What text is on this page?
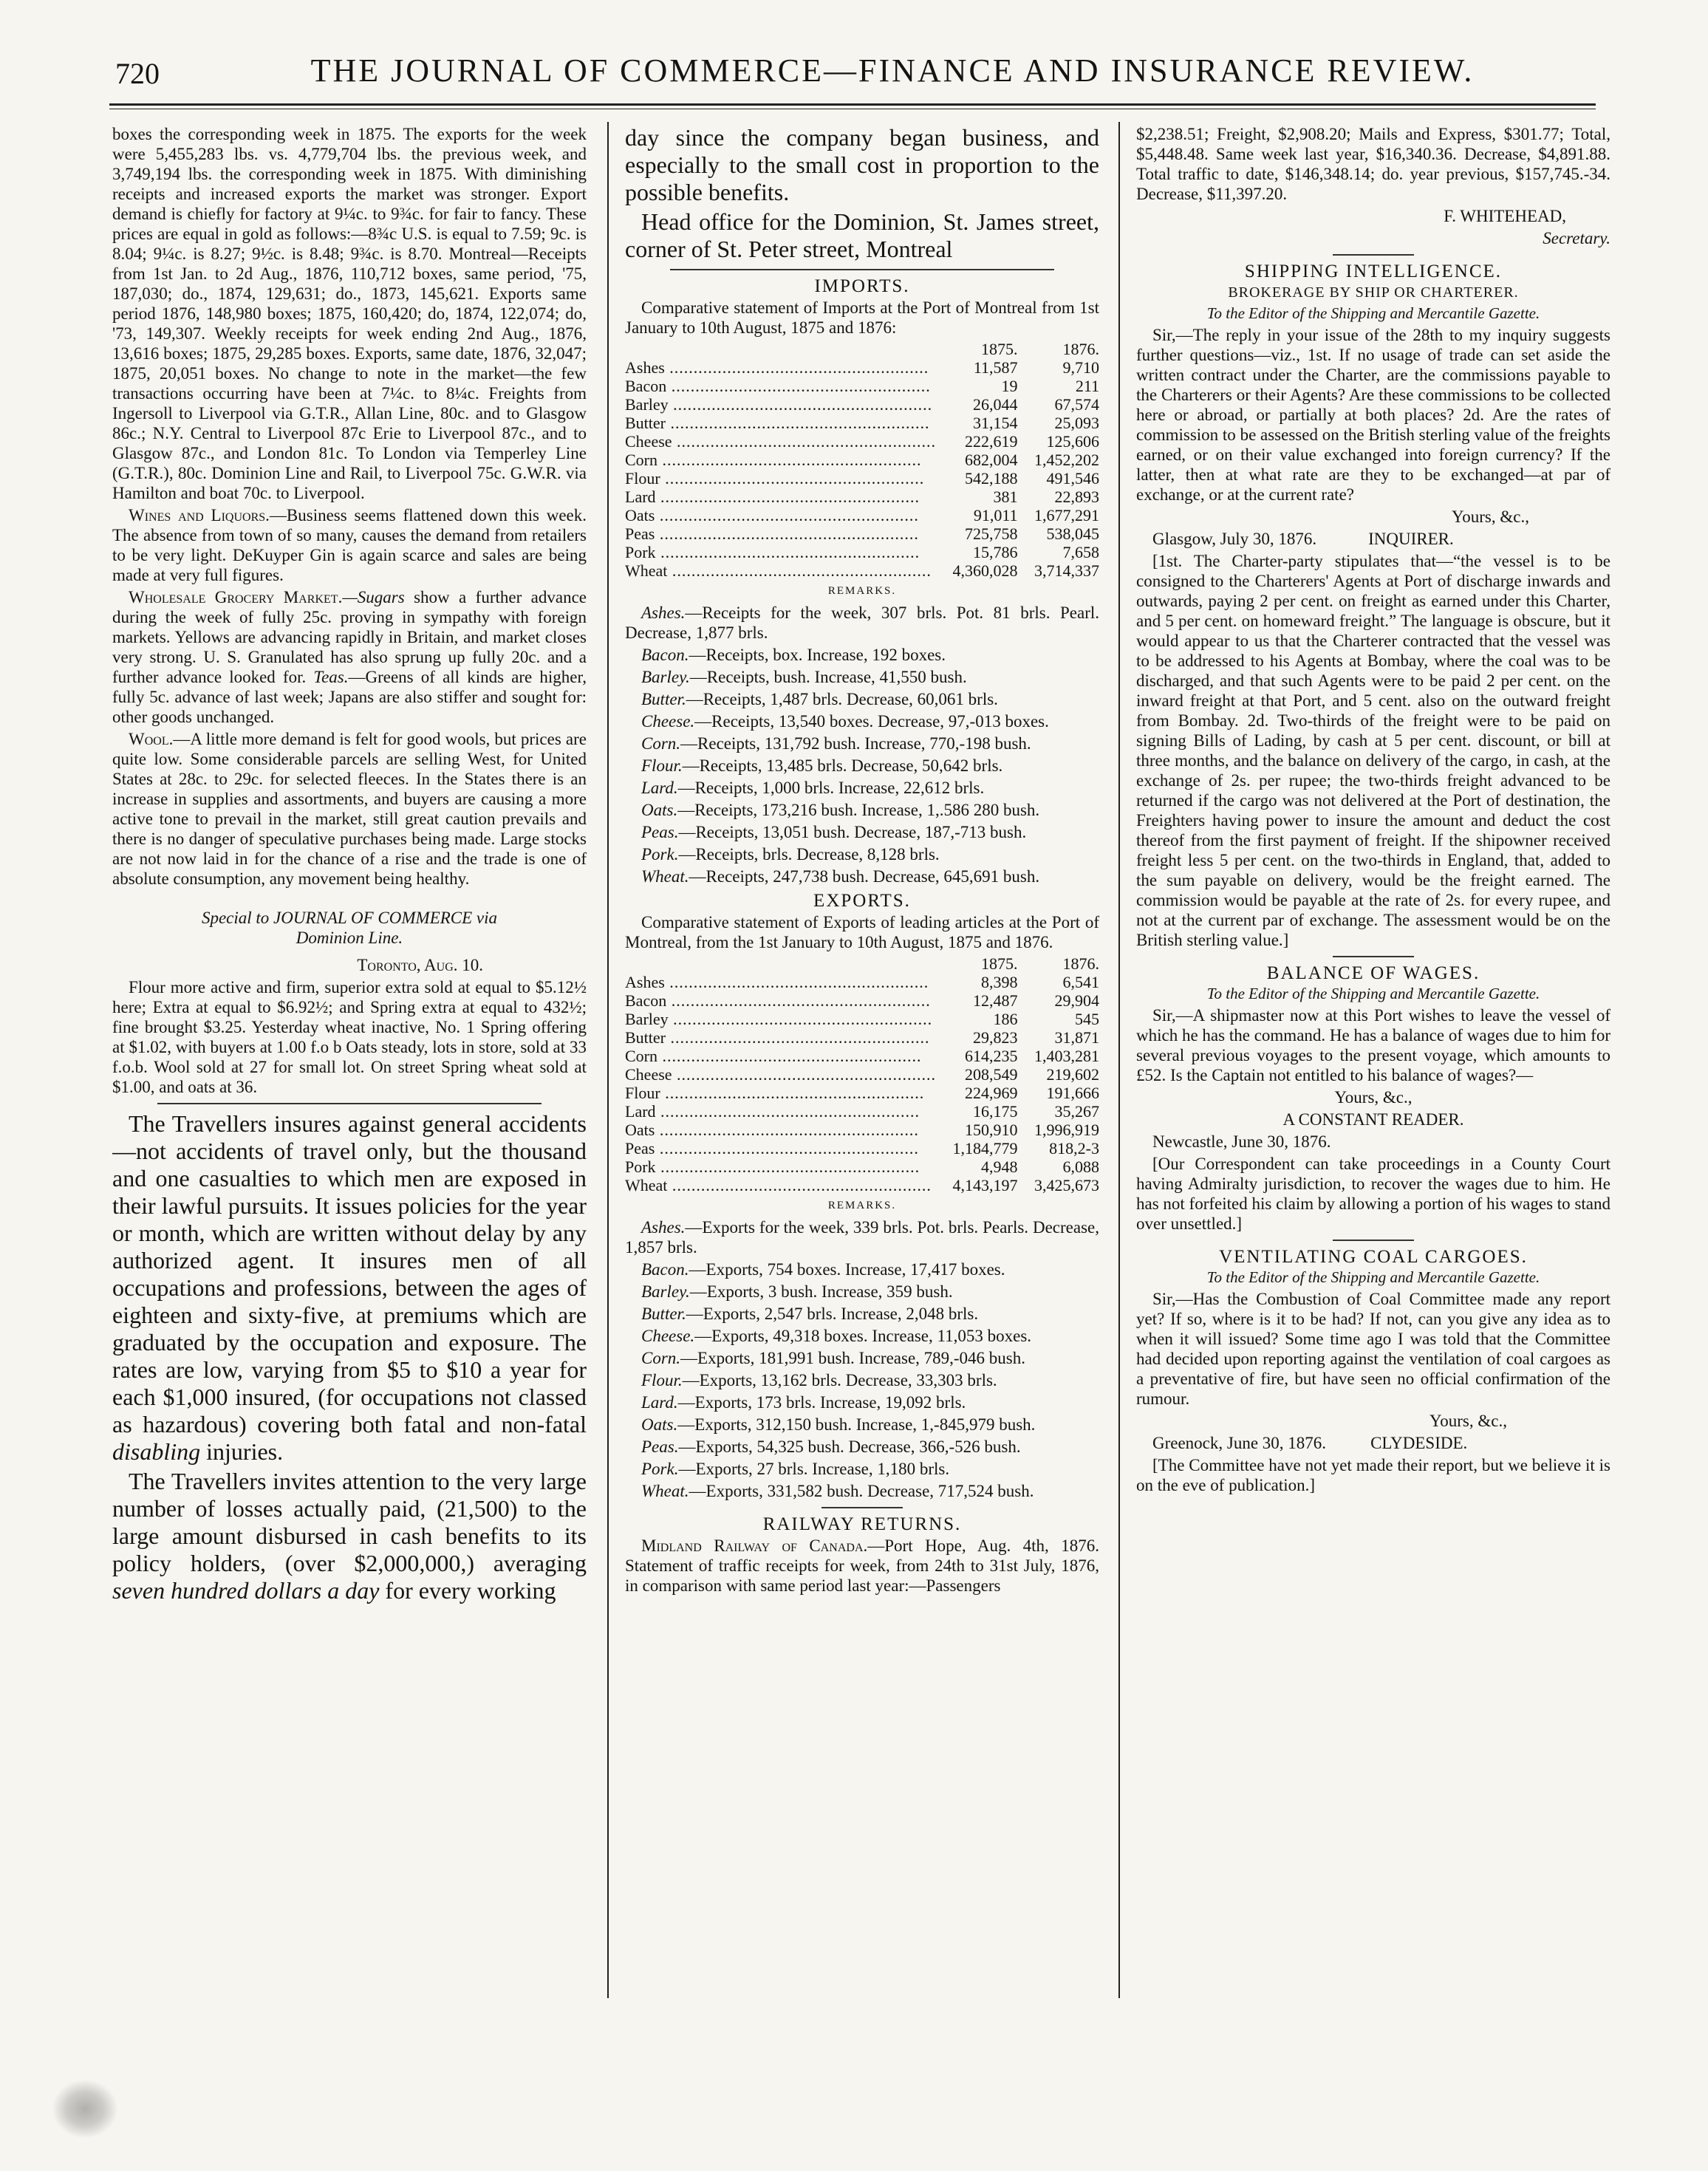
720	THE JOURNAL OF COMMERCE—FINANCE AND INSURANCE REVIEW.

boxes the corresponding week in 1875. The exports for the week were 5,455,283 lbs. vs. 4,779,704 lbs. the previous week, and 3,749,194 lbs. the corresponding week in 1875. With diminishing receipts and increased exports the market was stronger. Export demand is chiefly for factory at 9¼c. to 9¾c. for fair to fancy. These prices are equal in gold as follows:—8¾c U.S. is equal to 7.59; 9c. is 8.04; 9¼c. is 8.27; 9½c. is 8.48; 9¾c. is 8.70. Montreal—Receipts from 1st Jan. to 2d Aug., 1876, 110,712 boxes, same period, '75, 187,030; do., 1874, 129,631; do., 1873, 145,621. Exports same period 1876, 148,980 boxes; 1875, 160,420; do, 1874, 122,074; do, '73, 149,307. Weekly receipts for week ending 2nd Aug., 1876, 13,616 boxes; 1875, 29,285 boxes. Exports, same date, 1876, 32,047; 1875, 20,051 boxes. No change to note in the market—the few transactions occurring have been at 7¼c. to 8¼c. Freights from Ingersoll to Liverpool via G.T.R., Allan Line, 80c. and to Glasgow 86c.; N.Y. Central to Liverpool 87c Erie to Liverpool 87c., and to Glasgow 87c., and London 81c. To London via Temperley Line (G.T.R.), 80c. Dominion Line and Rail, to Liverpool 75c. G.W.R. via Hamilton and boat 70c. to Liverpool.

Wines and Liquors.—Business seems flattened down this week. The absence from town of so many, causes the demand from retailers to be very light. DeKuyper Gin is again scarce and sales are being made at very full figures.

Wholesale Grocery Market.—Sugars show a further advance during the week of fully 25c. proving in sympathy with foreign markets. Yellows are advancing rapidly in Britain, and market closes very strong. U. S. Granulated has also sprung up fully 20c. and a further advance looked for. Teas.—Greens of all kinds are higher, fully 5c. advance of last week; Japans are also stiffer and sought for: other goods unchanged.

Wool.—A little more demand is felt for good wools, but prices are quite low. Some considerable parcels are selling West, for United States at 28c. to 29c. for selected fleeces. In the States there is an increase in supplies and assortments, and buyers are causing a more active tone to prevail in the market, still great caution prevails and there is no danger of speculative purchases being made. Large stocks are not now laid in for the chance of a rise and the trade is one of absolute consumption, any movement being healthy.

Special to JOURNAL OF COMMERCE via

Dominion Line.

Toronto, Aug. 10.

Flour more active and firm, superior extra sold at equal to $5.12½ here; Extra at equal to $6.92½; and Spring extra at equal to 432½; fine brought $3.25. Yesterday wheat inactive, No. 1 Spring offering at $1.02, with buyers at 1.00 f.o b Oats steady, lots in store, sold at 33 f.o.b. Wool sold at 27 for small lot. On street Spring wheat sold at $1.00, and oats at 36.

The Travellers insures against general accidents—not accidents of travel only, but the thousand and one casualties to which men are exposed in their lawful pursuits. It issues policies for the year or month, which are written without delay by any authorized agent. It insures men of all occupations and professions, between the ages of eighteen and sixty-five, at premiums which are graduated by the occupation and exposure. The rates are low, varying from $5 to $10 a year for each $1,000 insured, (for occupations not classed as hazardous) covering both fatal and non-fatal disabling injuries.

The Travellers invites attention to the very large number of losses actually paid, (21,500) to the large amount disbursed in cash benefits to its policy holders, (over $2,000,000,) averaging seven hundred dollars a day for every working

day since the company began business, and especially to the small cost in proportion to the possible benefits.

Head office for the Dominion, St. James street, corner of St. Peter street, Montreal

IMPORTS.

Comparative statement of Imports at the Port of Montreal from 1st January to 10th August, 1875 and 1876:

	1875.	1876.
Ashes .....	11,587	9,710
Bacon .....	19	211
Barley .....	26,044	67,574
Butter .....	31,154	25,093
Cheese .....	222,619	125,606
Corn .....	682,004	1,452,202
Flour .....	542,188	491,546
Lard .....	381	22,893
Oats .....	91,011	1,677,291
Peas .....	725,758	538,045
Pork .....	15,786	7,658
Wheat .....	4,360,028	3,714,337
REMARKS.

Ashes.—Receipts for the week, 307 brls. Pot. 81 brls. Pearl. Decrease, 1,877 brls.

Bacon.—Receipts, box. Increase, 192 boxes.

Barley.—Receipts, bush. Increase, 41,550 bush.

Butter.—Receipts, 1,487 brls. Decrease, 60,061 brls.

Cheese.—Receipts, 13,540 boxes. Decrease, 97,-013 boxes.

Corn.—Receipts, 131,792 bush. Increase, 770,-198 bush.

Flour.—Receipts, 13,485 brls. Decrease, 50,642 brls.

Lard.—Receipts, 1,000 brls. Increase, 22,612 brls.

Oats.—Receipts, 173,216 bush. Increase, 1,.586 280 bush.

Peas.—Receipts, 13,051 bush. Decrease, 187,-713 bush.

Pork.—Receipts, brls. Decrease, 8,128 brls.

Wheat.—Receipts, 247,738 bush. Decrease, 645,691 bush.

EXPORTS.

Comparative statement of Exports of leading articles at the Port of Montreal, from the 1st January to 10th August, 1875 and 1876.

	1875.	1876.
Ashes .....	8,398	6,541
Bacon .....	12,487	29,904
Barley .....	186	545
Butter .....	29,823	31,871
Corn .....	614,235	1,403,281
Cheese .....	208,549	219,602
Flour .....	224,969	191,666
Lard .....	16,175	35,267
Oats .....	150,910	1,996,919
Peas .....	1,184,779	818,2-3
Pork .....	4,948	6,088
Wheat .....	4,143,197	3,425,673
REMARKS.

Ashes.—Exports for the week, 339 brls. Pot. brls. Pearls. Decrease, 1,857 brls.

Bacon.—Exports, 754 boxes. Increase, 17,417 boxes.

Barley.—Exports, 3 bush. Increase, 359 bush.

Butter.—Exports, 2,547 brls. Increase, 2,048 brls.

Cheese.—Exports, 49,318 boxes. Increase, 11,053 boxes.

Corn.—Exports, 181,991 bush. Increase, 789,-046 bush.

Flour.—Exports, 13,162 brls. Decrease, 33,303 brls.

Lard.—Exports, 173 brls. Increase, 19,092 brls.

Oats.—Exports, 312,150 bush. Increase, 1,-845,979 bush.

Peas.—Exports, 54,325 bush. Decrease, 366,-526 bush.

Pork.—Exports, 27 brls. Increase, 1,180 brls.

Wheat.—Exports, 331,582 bush. Decrease, 717,524 bush.

RAILWAY RETURNS.

Midland Railway of Canada.—Port Hope, Aug. 4th, 1876. Statement of traffic receipts for week, from 24th to 31st July, 1876, in comparison with same period last year:—Passengers

$2,238.51; Freight, $2,908.20; Mails and Express, $301.77; Total, $5,448.48. Same week last year, $16,340.36. Decrease, $4,891.88. Total traffic to date, $146,348.14; do. year previous, $157,745.-34. Decrease, $11,397.20.

F. WHITEHEAD,

Secretary.

SHIPPING INTELLIGENCE.
BROKERAGE BY SHIP OR CHARTERER.
To the Editor of the Shipping and Mercantile Gazette.

Sir,—The reply in your issue of the 28th to my inquiry suggests further questions—viz., 1st. If no usage of trade can set aside the written contract under the Charter, are the commissions payable to the Charterers or their Agents? Are these commissions to be collected here or abroad, or partially at both places? 2d. Are the rates of commission to be assessed on the British sterling value of the freights earned, or on their value exchanged into foreign currency? If the latter, then at what rate are they to be exchanged—at par of exchange, or at the current rate?

Yours, &c.,

Glasgow, July 30, 1876.	INQUIRER.

[1st. The Charter-party stipulates that—“the vessel is to be consigned to the Charterers' Agents at Port of discharge inwards and outwards, paying 2 per cent. on freight as earned under this Charter, and 5 per cent. on homeward freight.” The language is obscure, but it would appear to us that the Charterer contracted that the vessel was to be addressed to his Agents at Bombay, where the coal was to be discharged, and that such Agents were to be paid 2 per cent. on the inward freight at that Port, and 5 cent. also on the outward freight from Bombay. 2d. Two-thirds of the freight were to be paid on signing Bills of Lading, by cash at 5 per cent. discount, or bill at three months, and the balance on delivery of the cargo, in cash, at the exchange of 2s. per rupee; the two-thirds freight advanced to be returned if the cargo was not delivered at the Port of destination, the Freighters having power to insure the amount and deduct the cost thereof from the first payment of freight. If the shipowner received freight less 5 per cent. on the two-thirds in England, that, added to the sum payable on delivery, would be the freight earned. The commission would be payable at the rate of 2s. for every rupee, and not at the current par of exchange. The assessment would be on the British sterling value.]

BALANCE OF WAGES.
To the Editor of the Shipping and Mercantile Gazette.

Sir,—A shipmaster now at this Port wishes to leave the vessel of which he has the command. He has a balance of wages due to him for several previous voyages to the present voyage, which amounts to £52. Is the Captain not entitled to his balance of wages?—

Yours, &c.,

A CONSTANT READER.

Newcastle, June 30, 1876.

[Our Correspondent can take proceedings in a County Court having Admiralty jurisdiction, to recover the wages due to him. He has not forfeited his claim by allowing a portion of his wages to stand over unsettled.]

VENTILATING COAL CARGOES.
To the Editor of the Shipping and Mercantile Gazette.

Sir,—Has the Combustion of Coal Committee made any report yet? If so, where is it to be had? If not, can you give any idea as to when it will issued? Some time ago I was told that the Committee had decided upon reporting against the ventilation of coal cargoes as a preventative of fire, but have seen no official confirmation of the rumour.

Yours, &c.,

Greenock, June 30, 1876.	CLYDESIDE.

[The Committee have not yet made their report, but we believe it is on the eve of publication.]
